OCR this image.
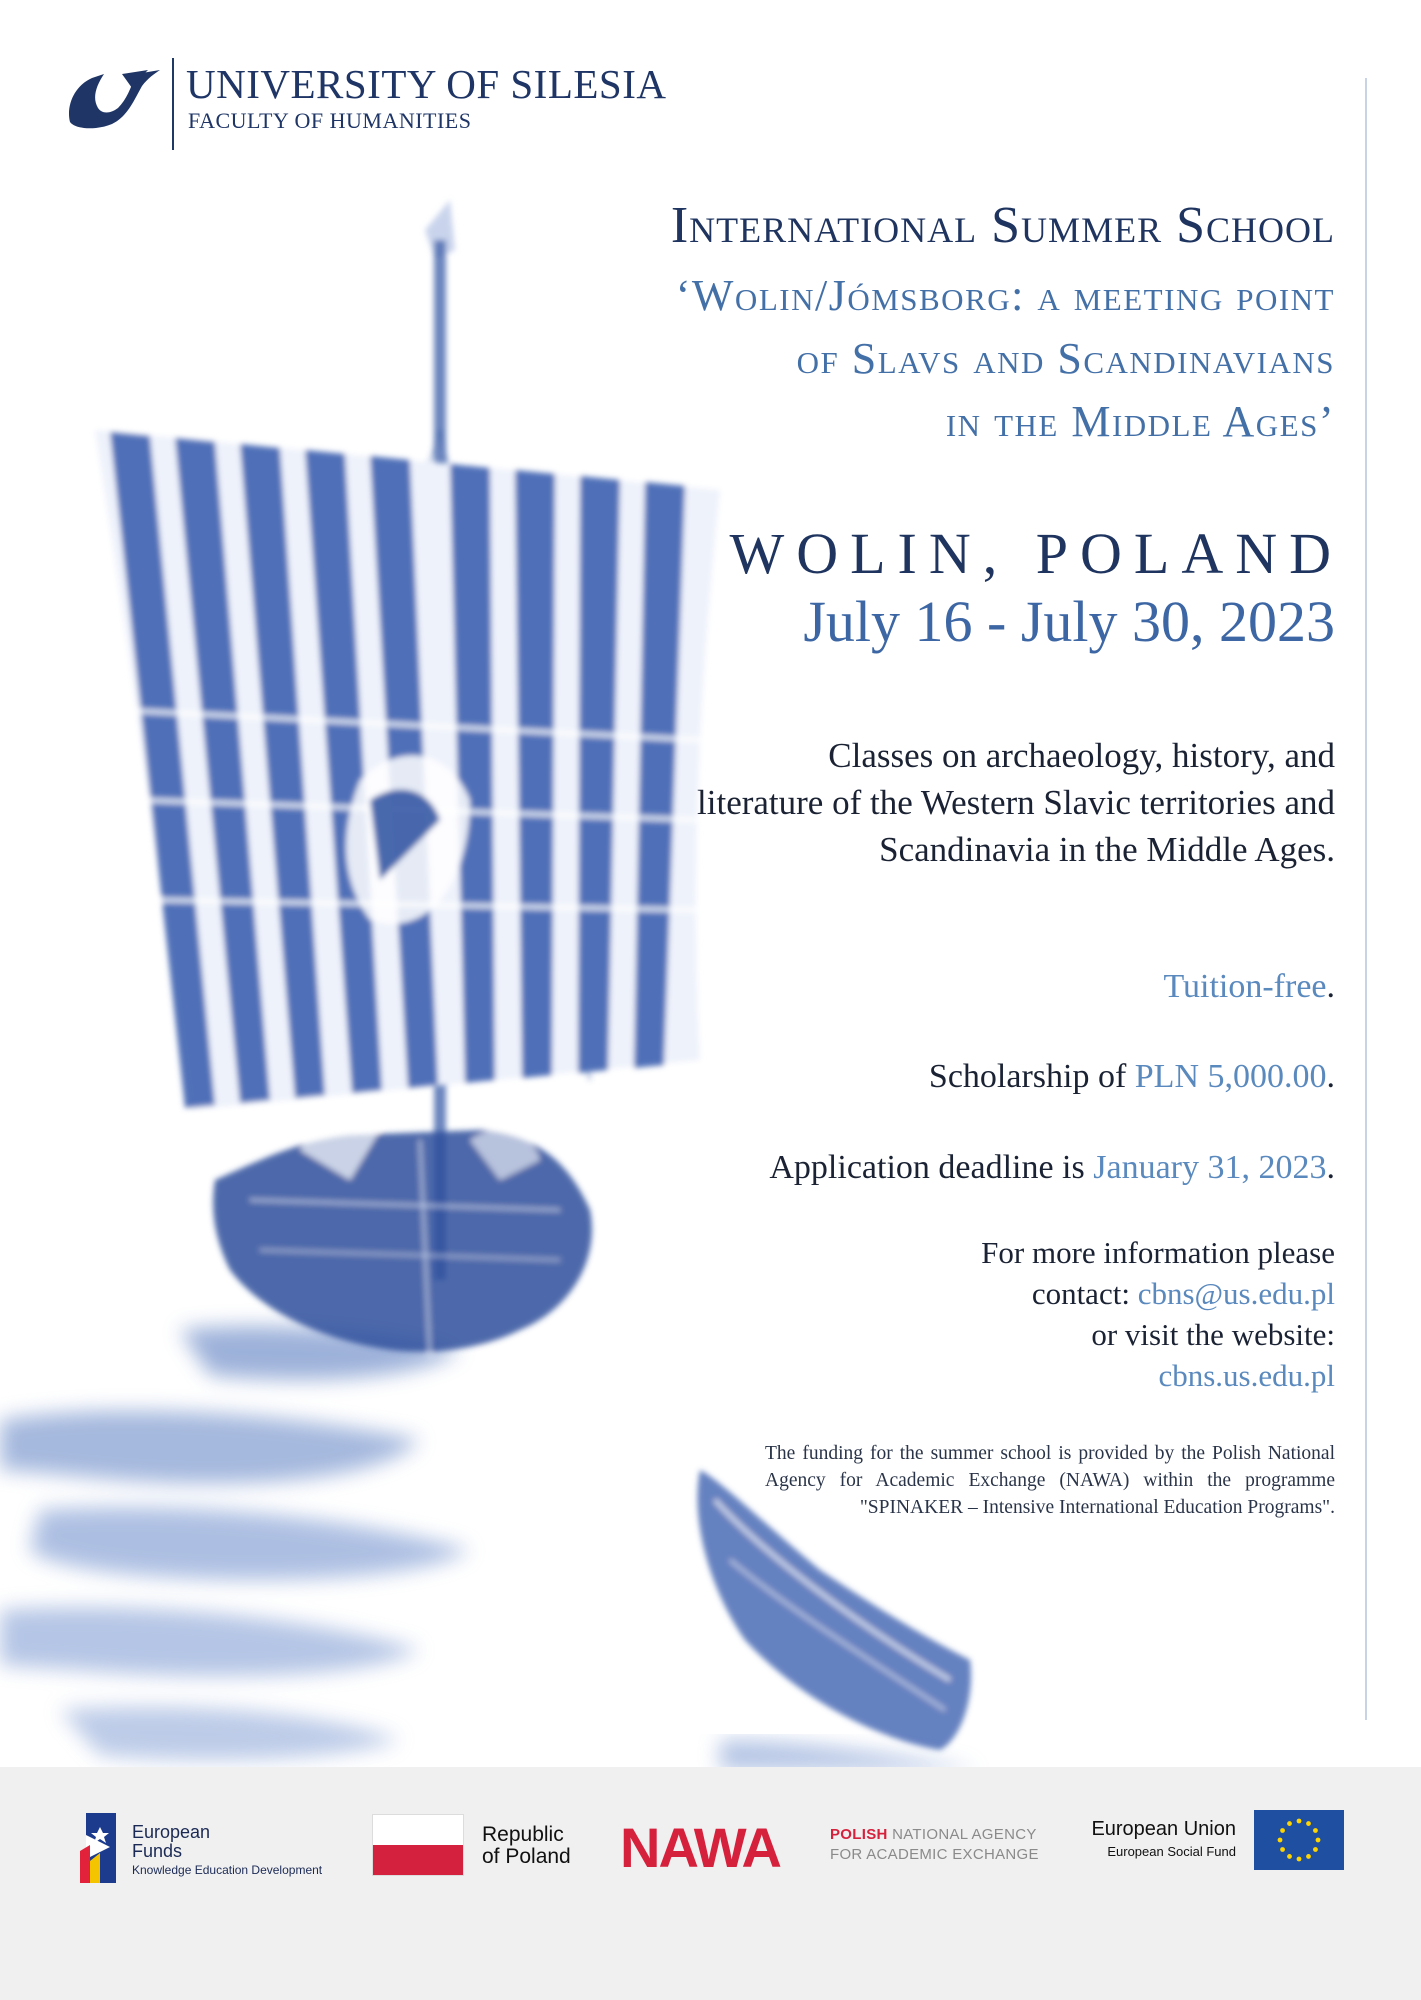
UNIVERSITY OF SILESIA
FACULTY OF HUMANITIES
International Summer School
‘Wolin/Jómsborg: a meeting point
of Slavs and Scandinavians
in the Middle Ages’
WOLIN, POLAND
July 16 - July 30, 2023
Classes on archaeology, history, and literature of the Western Slavic territories and Scandinavia in the Middle Ages.
Tuition-free.
Scholarship of PLN 5,000.00.
Application deadline is January 31, 2023.
For more information please
contact: cbns@us.edu.pl
or visit the website:
cbns.us.edu.pl
The funding for the summer school is provided by the Polish National Agency for Academic Exchange (NAWA) within the programme "SPINAKER – Intensive International Education Programs".
European
Funds
Knowledge Education Development
Republic
of Poland NAWA	POLISH NATIONAL AGENCY
FOR ACADEMIC EXCHANGE
European Union
European Social Fund
